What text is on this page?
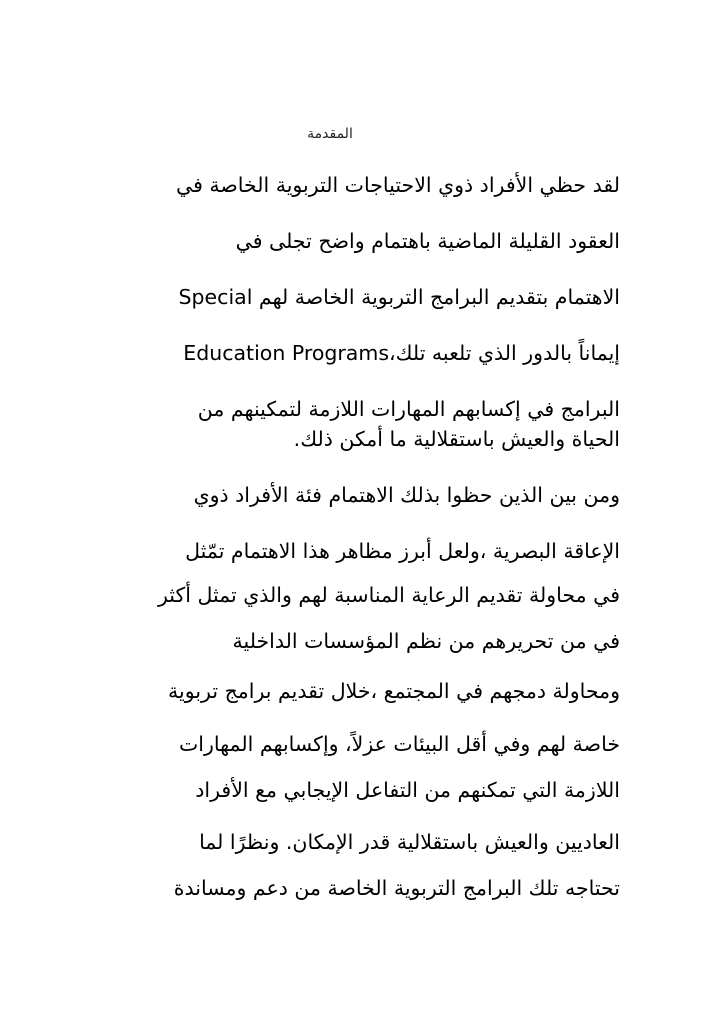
المقدمة
لقد حظي الأفراد ذوي الاحتياجات التربوية الخاصة في
العقود القليلة الماضية باهتمام واضح تجلى في
الاهتمام بتقديم البرامج التربوية الخاصة لهم Special
Education Programs،إيماناً بالدور الذي تلعبه تلك
البرامج في إكسابهم المهارات اللازمة لتمكينهم من
الحياة والعيش باستقلالية ما أمكن ذلك.
ومن بين الذين حظوا بذلك الاهتمام فئة الأفراد ذوي
الإعاقة البصرية ،ولعل أبرز مظاهر هذا الاهتمام تمّثل
في محاولة تقديم الرعاية المناسبة لهم والذي تمثل أكثر
في من تحريرهم من نظم المؤسسات الداخلية
ومحاولة دمجهم في المجتمع ،خلال تقديم برامج تربوية
خاصة لهم وفي أقل البيئات عزلاً، وإكسابهم المهارات
اللازمة التي تمكنهم من التفاعل الإيجابي مع الأفراد
العاديين والعيش باستقلالية قدر الإمكان. ونظرًا لما
تحتاجه تلك البرامج التربوية الخاصة من دعم ومساندة
